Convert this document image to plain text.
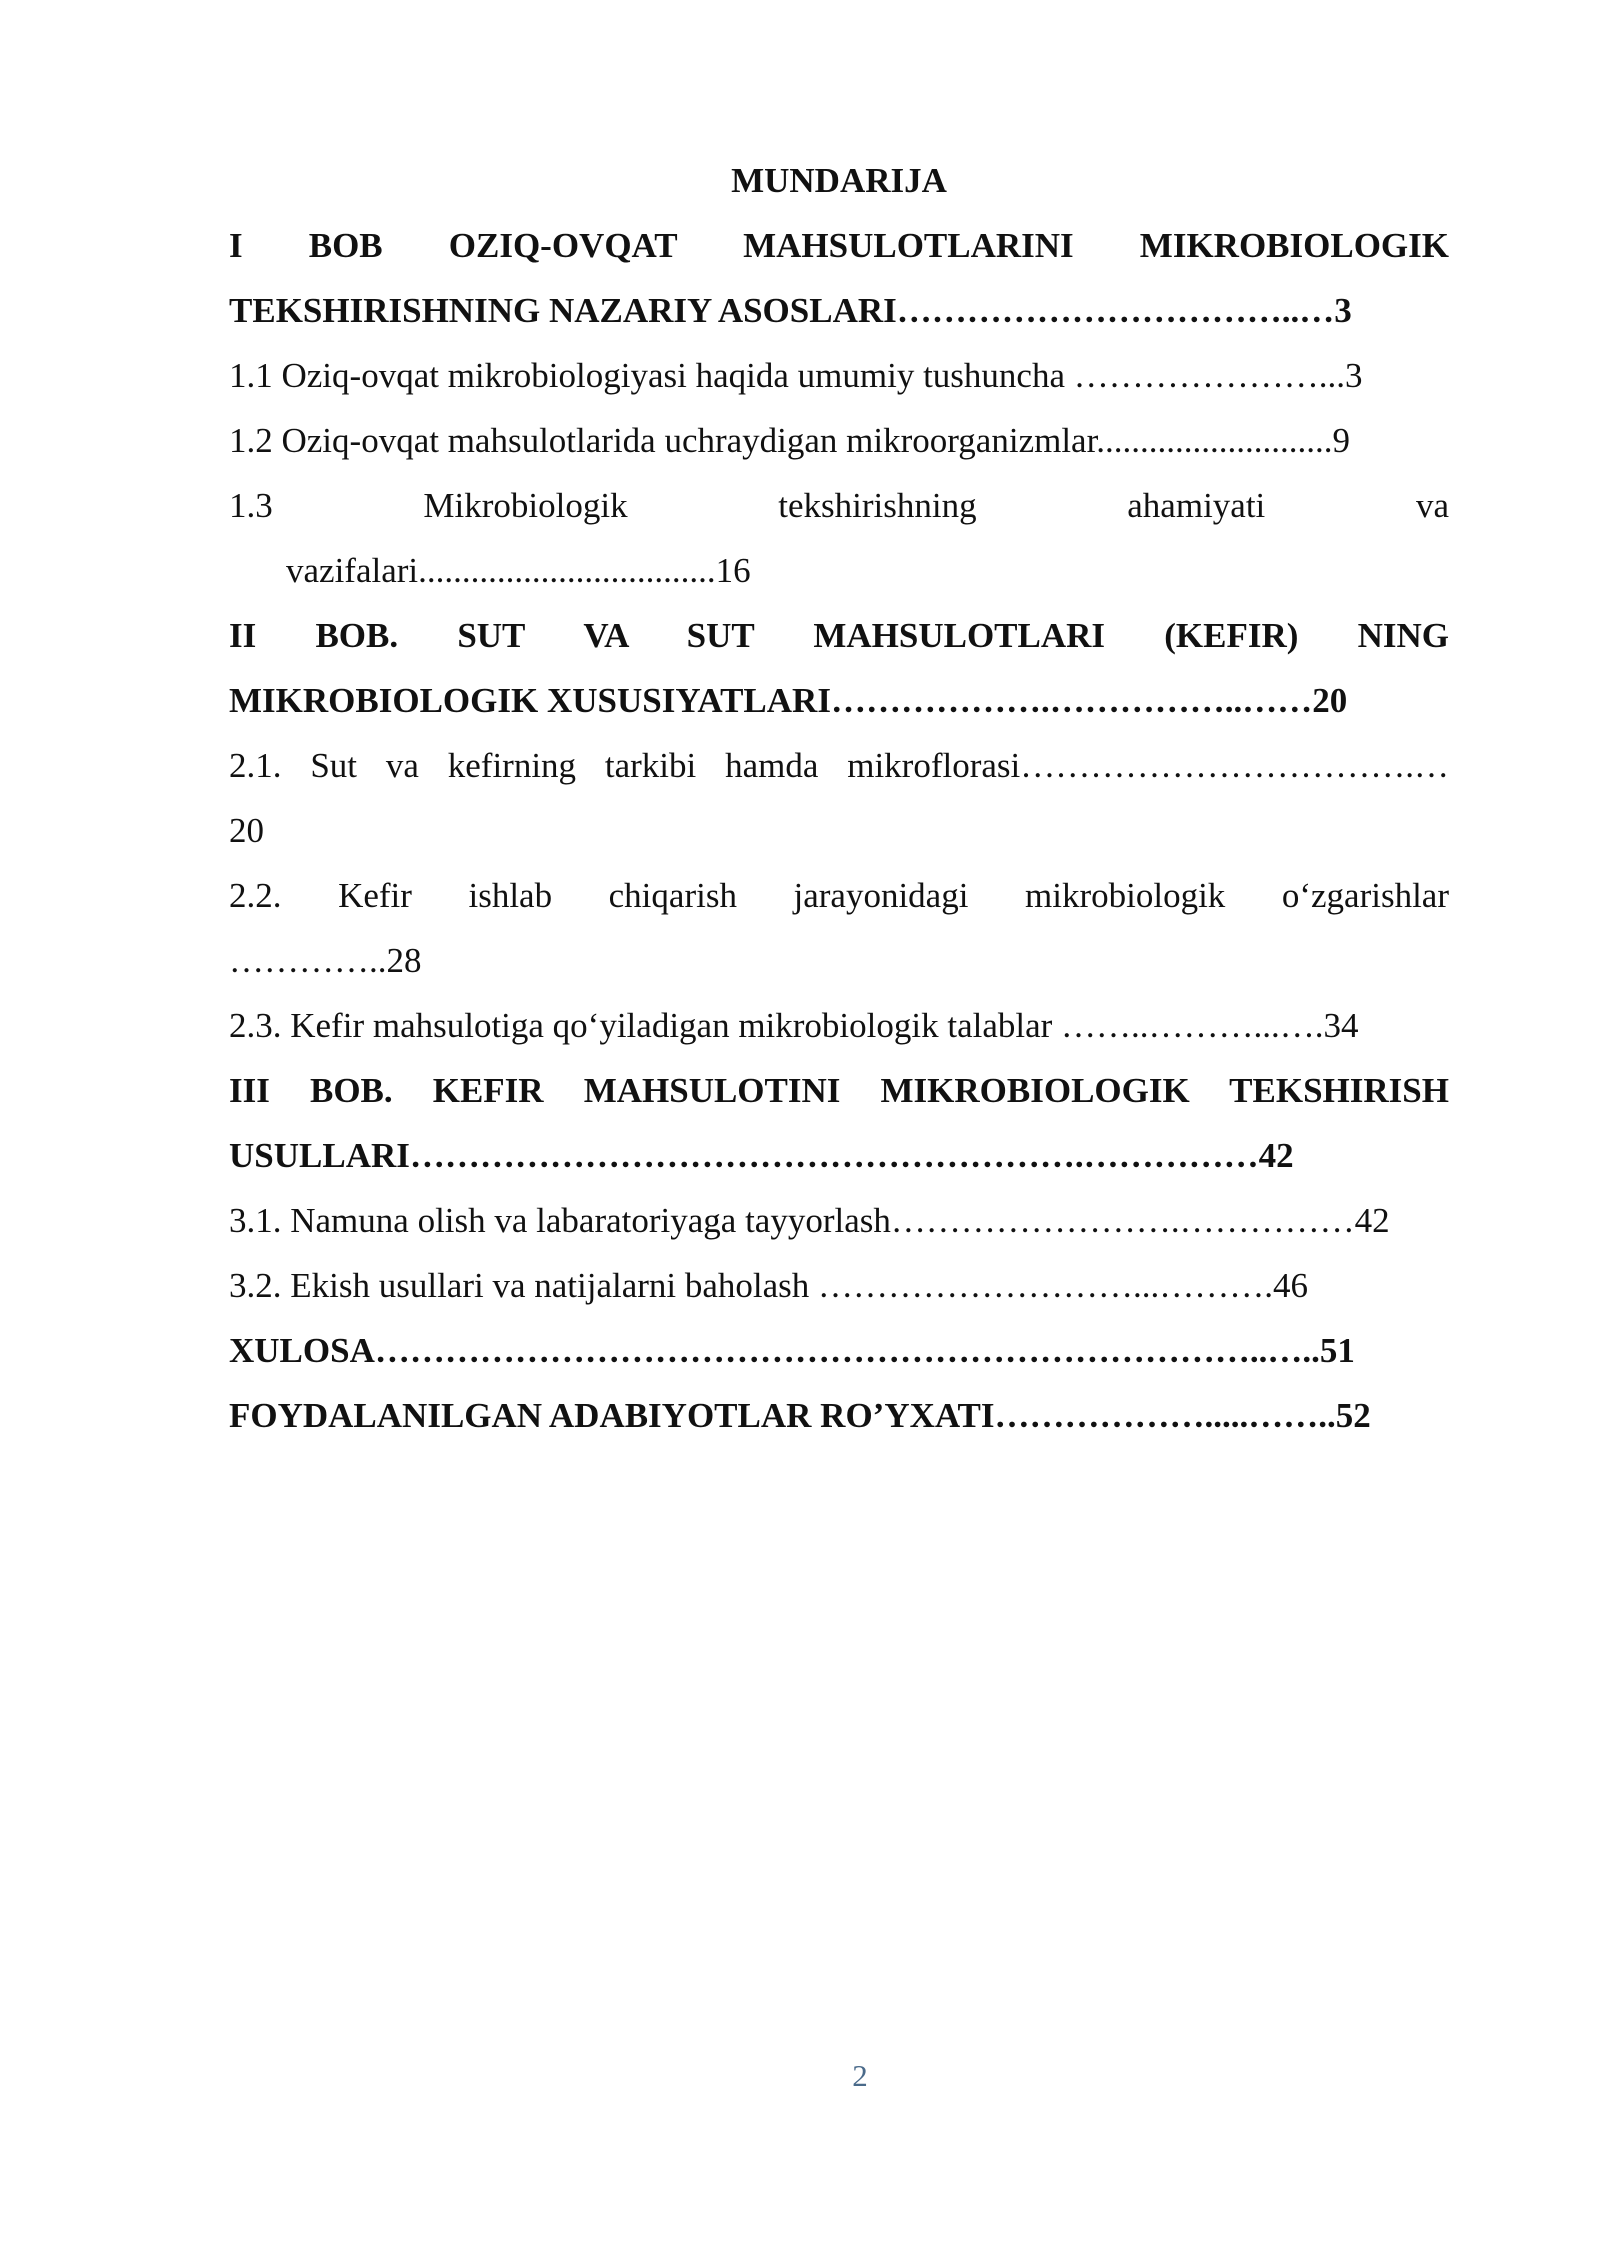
MUNDARIJA
I BOB OZIQ-OVQAT MAHSULOTLARINI MIKROBIOLOGIK
TEKSHIRISHNING NAZARIY ASOSLARI……………………………..…3
1.1 Oziq-ovqat mikrobiologiyasi haqida umumiy tushuncha …………………...3
1.2 Oziq-ovqat mahsulotlarida uchraydigan mikroorganizmlar...........................9
1.3 Mikrobiologik tekshirishning ahamiyati va
vazifalari..................................16
II BOB. SUT VA SUT MAHSULOTLARI (KEFIR) NING
MIKROBIOLOGIK XUSUSIYATLARI……………….……………..……20
2.1. Sut va kefirning tarkibi hamda mikroflorasi…………………………….…
20
2.2. Kefir ishlab chiqarish jarayonidagi mikrobiologik o‘zgarishlar
…………..28
2.3. Kefir mahsulotiga qo‘yiladigan mikrobiologik talablar ……..………...….34
III BOB. KEFIR MAHSULOTINI MIKROBIOLOGIK TEKSHIRISH
USULLARI………………………………………………….……………42
3.1. Namuna olish va labaratoriyaga tayyorlash…………………….……………42
3.2. Ekish usullari va natijalarni baholash ………………………...……….46
XULOSA…………………………………………………………………..…..51
FOYDALANILGAN ADABIYOTLAR RO’YXATI……………….....……..52
2
